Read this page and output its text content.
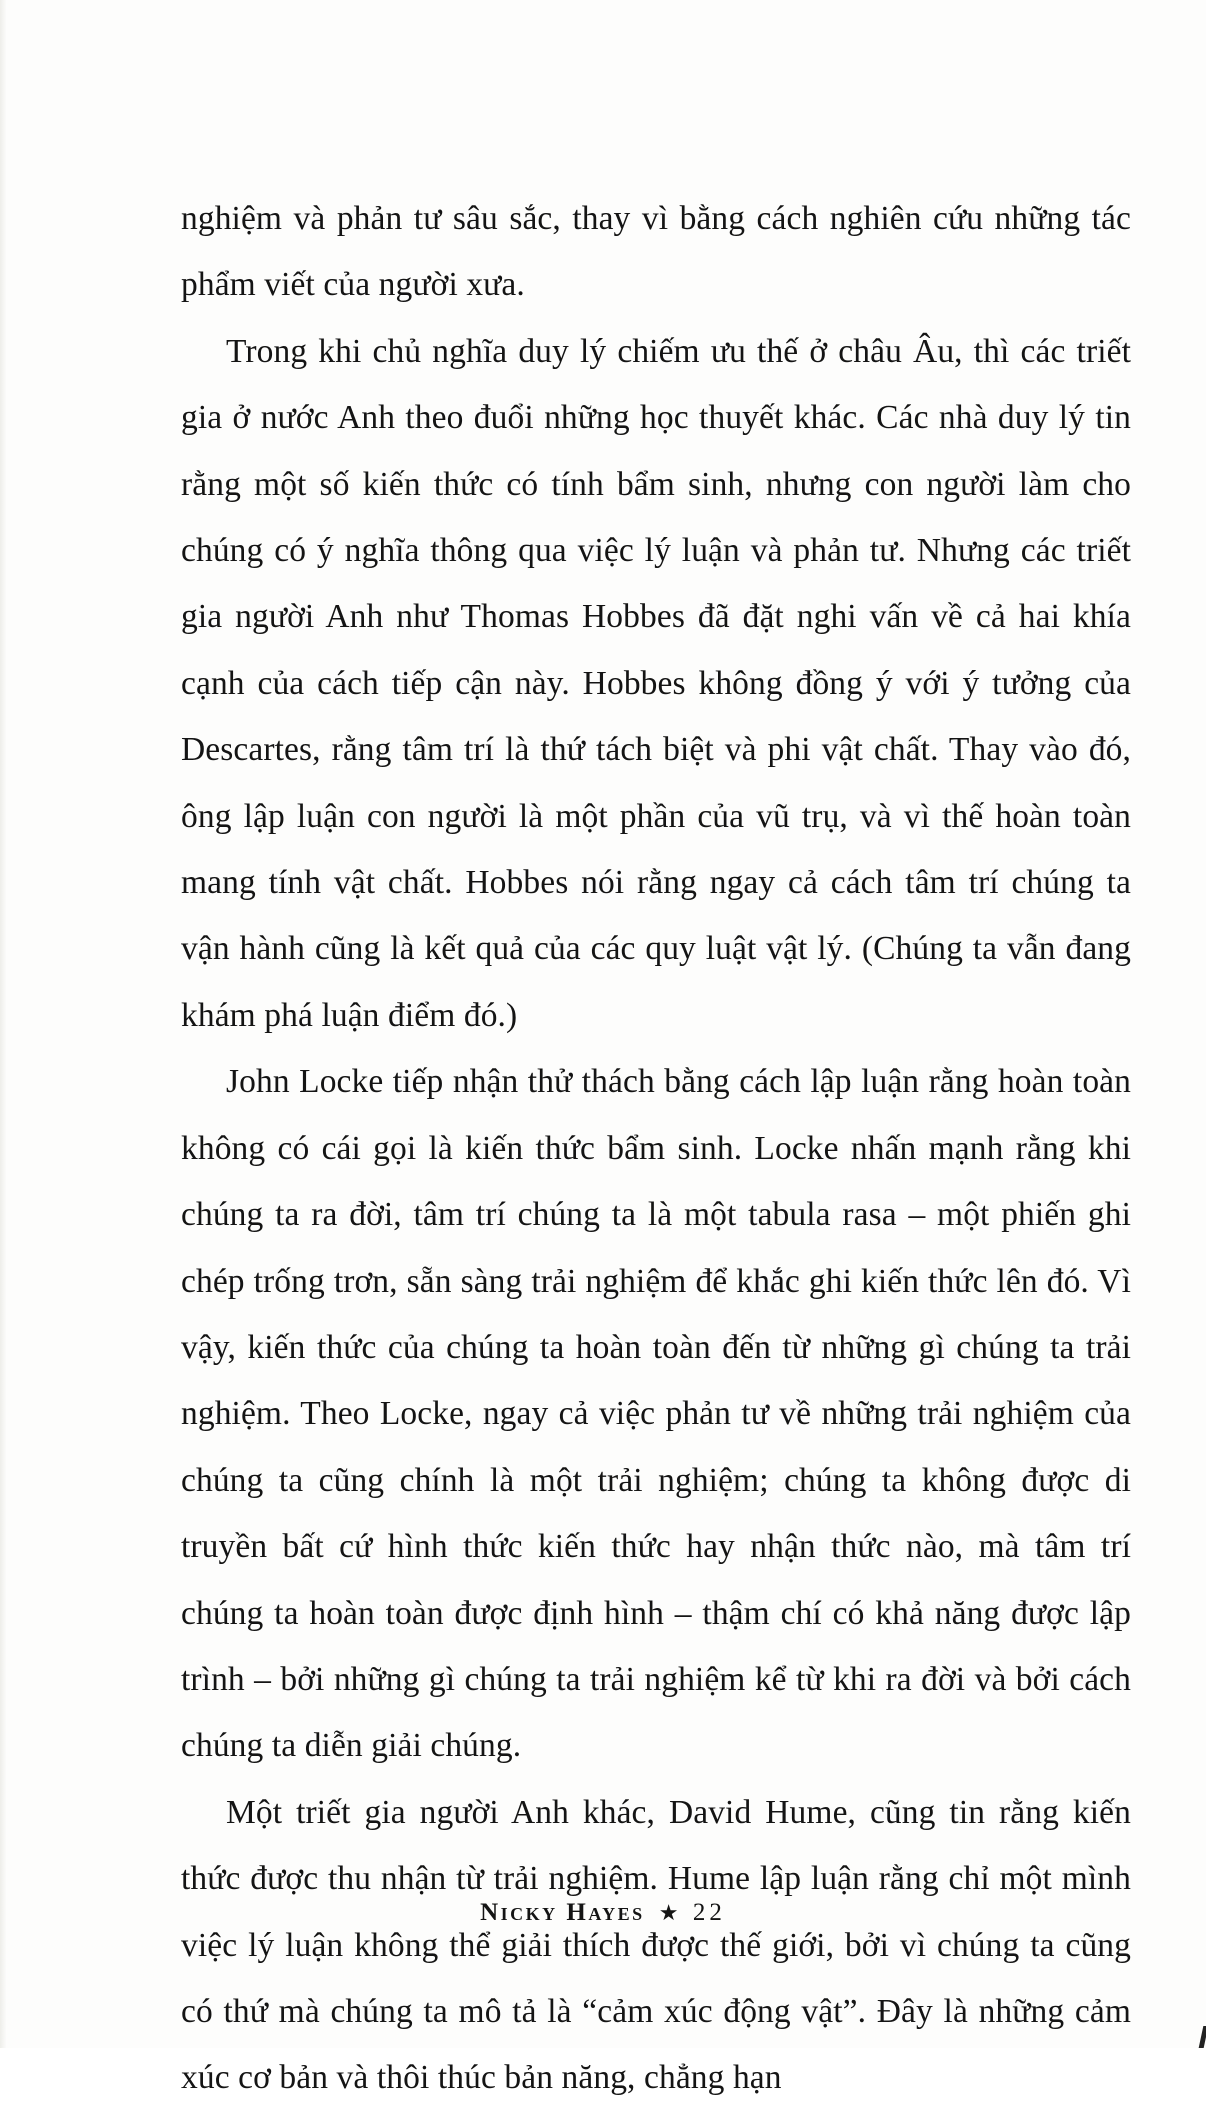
nghiệm và phản tư sâu sắc, thay vì bằng cách nghiên cứu những tác phẩm viết của người xưa.

Trong khi chủ nghĩa duy lý chiếm ưu thế ở châu Âu, thì các triết gia ở nước Anh theo đuổi những học thuyết khác. Các nhà duy lý tin rằng một số kiến thức có tính bẩm sinh, nhưng con người làm cho chúng có ý nghĩa thông qua việc lý luận và phản tư. Nhưng các triết gia người Anh như Thomas Hobbes đã đặt nghi vấn về cả hai khía cạnh của cách tiếp cận này. Hobbes không đồng ý với ý tưởng của Descartes, rằng tâm trí là thứ tách biệt và phi vật chất. Thay vào đó, ông lập luận con người là một phần của vũ trụ, và vì thế hoàn toàn mang tính vật chất. Hobbes nói rằng ngay cả cách tâm trí chúng ta vận hành cũng là kết quả của các quy luật vật lý. (Chúng ta vẫn đang khám phá luận điểm đó.)

John Locke tiếp nhận thử thách bằng cách lập luận rằng hoàn toàn không có cái gọi là kiến thức bẩm sinh. Locke nhấn mạnh rằng khi chúng ta ra đời, tâm trí chúng ta là một tabula rasa – một phiến ghi chép trống trơn, sẵn sàng trải nghiệm để khắc ghi kiến thức lên đó. Vì vậy, kiến thức của chúng ta hoàn toàn đến từ những gì chúng ta trải nghiệm. Theo Locke, ngay cả việc phản tư về những trải nghiệm của chúng ta cũng chính là một trải nghiệm; chúng ta không được di truyền bất cứ hình thức kiến thức hay nhận thức nào, mà tâm trí chúng ta hoàn toàn được định hình – thậm chí có khả năng được lập trình – bởi những gì chúng ta trải nghiệm kể từ khi ra đời và bởi cách chúng ta diễn giải chúng.

Một triết gia người Anh khác, David Hume, cũng tin rằng kiến thức được thu nhận từ trải nghiệm. Hume lập luận rằng chỉ một mình việc lý luận không thể giải thích được thế giới, bởi vì chúng ta cũng có thứ mà chúng ta mô tả là “cảm xúc động vật”. Đây là những cảm xúc cơ bản và thôi thúc bản năng, chẳng hạn

Nicky Hayes ★ 22
